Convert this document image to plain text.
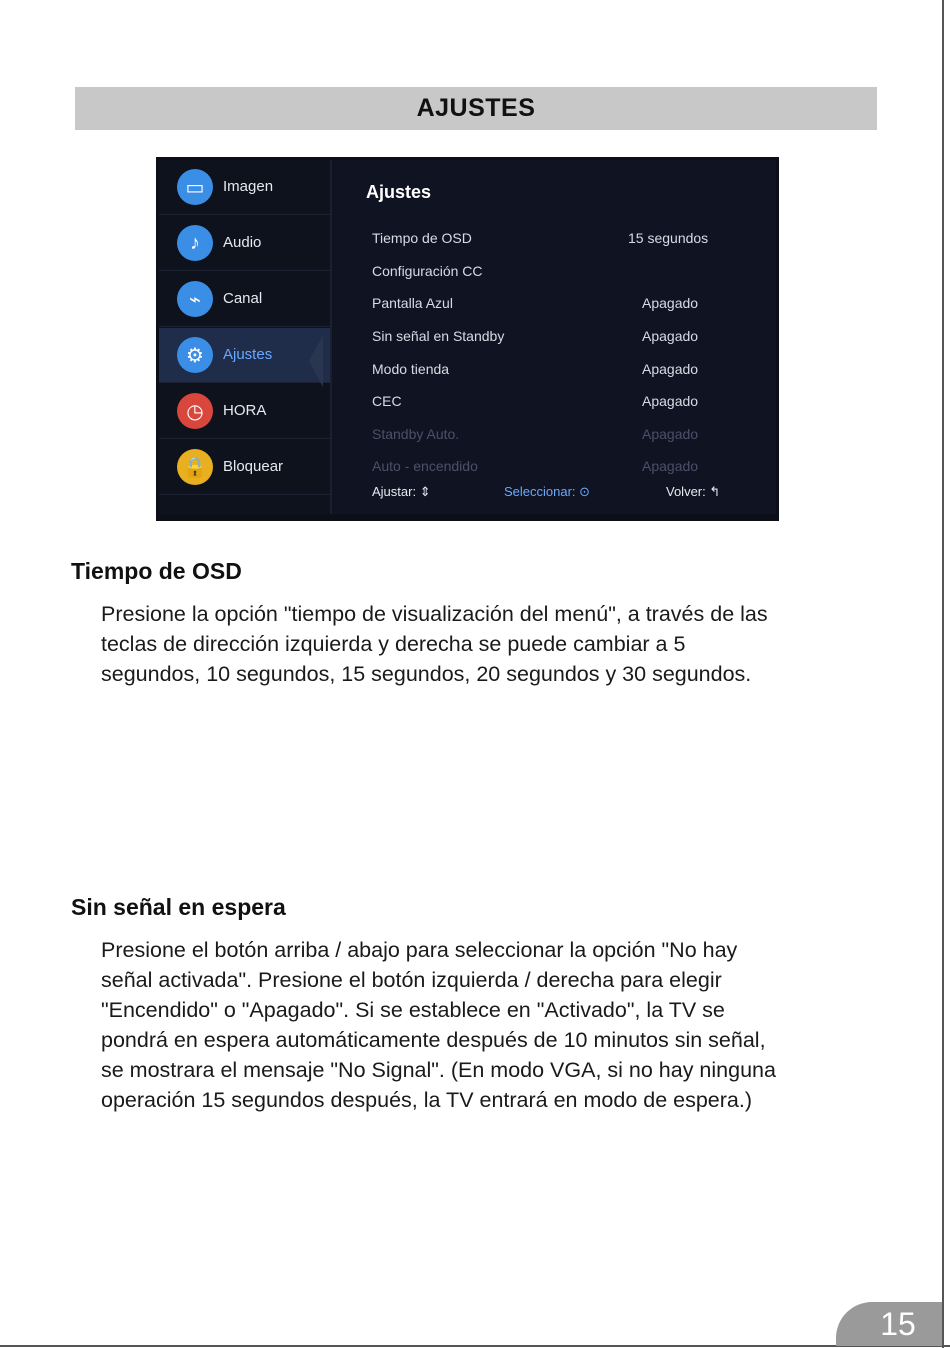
AJUSTES
▭	Imagen
♪	Audio
⌁	Canal
⚙	Ajustes
◷	HORA
🔒	Bloquear
Ajustes
Tiempo de OSD	15 segundos
Configuración CC
Pantalla Azul	Apagado
Sin señal en Standby	Apagado
Modo tienda	Apagado
CEC	Apagado
Standby Auto.	Apagado
Auto - encendido	Apagado
Ajustar: ⇕	Seleccionar: ⊙	Volver: ↰
Tiempo de OSD
Presione la opción "tiempo de visualización del menú", a través de las
teclas de dirección izquierda y derecha se puede cambiar a 5
segundos, 10 segundos, 15 segundos, 20 segundos y 30 segundos.
Sin señal en espera
Presione el botón arriba / abajo para seleccionar la opción "No hay
señal activada". Presione el botón izquierda / derecha para elegir
"Encendido" o "Apagado". Si se establece en "Activado", la TV se
pondrá en espera automáticamente después de 10 minutos sin señal,
se mostrara el mensaje "No Signal". (En modo VGA, si no hay ninguna
operación 15 segundos después, la TV entrará en modo de espera.)
15
